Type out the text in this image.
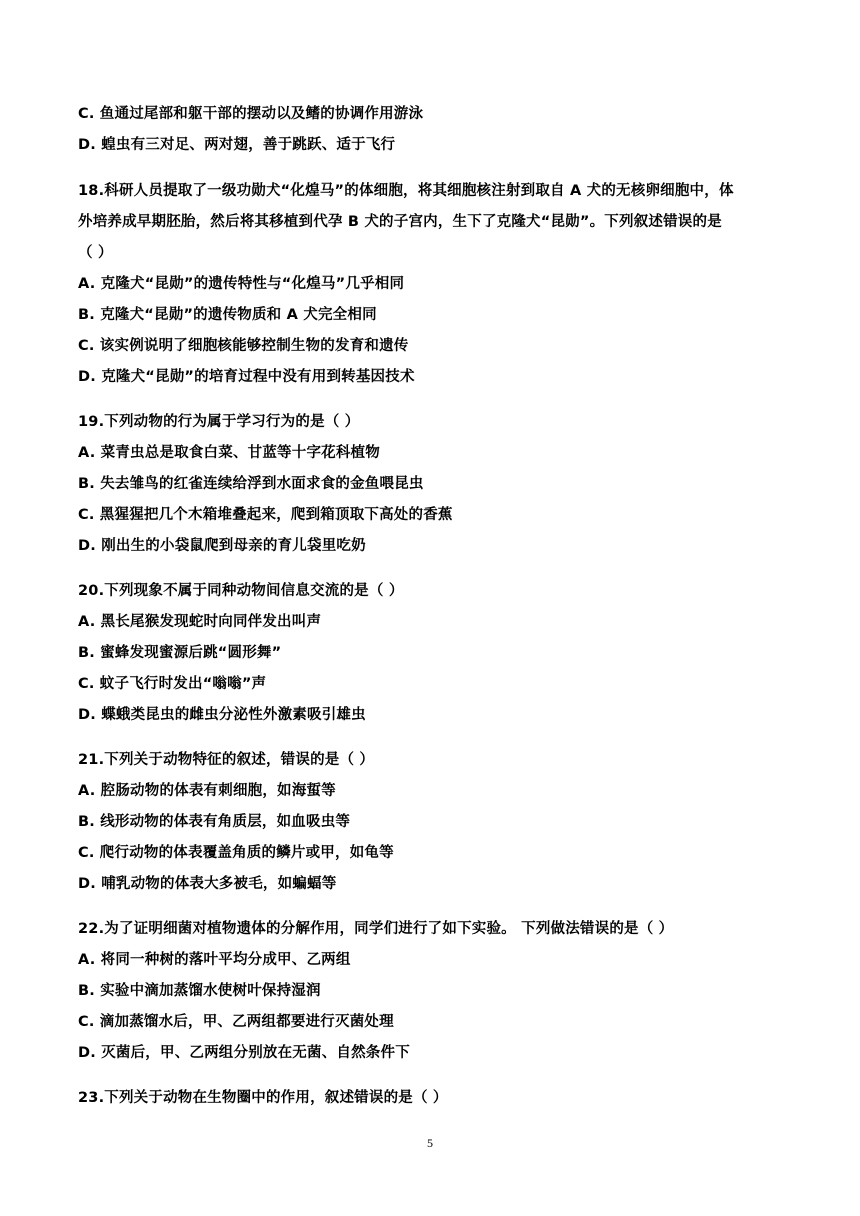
C. 鱼通过尾部和躯干部的摆动以及鳍的协调作用游泳
D. 蝗虫有三对足、两对翅，善于跳跃、适于飞行
18.科研人员提取了一级功勋犬“化煌马”的体细胞，将其细胞核注射到取自 A 犬的无核卵细胞中，体
外培养成早期胚胎，然后将其移植到代孕 B 犬的子宫内，生下了克隆犬“昆勋”。下列叙述错误的是
（ ）
A. 克隆犬“昆勋”的遗传特性与“化煌马”几乎相同
B. 克隆犬“昆勋”的遗传物质和 A 犬完全相同
C. 该实例说明了细胞核能够控制生物的发育和遗传
D. 克隆犬“昆勋”的培育过程中没有用到转基因技术
19.下列动物的行为属于学习行为的是（ ）
A. 菜青虫总是取食白菜、甘蓝等十字花科植物
B. 失去雏鸟的红雀连续给浮到水面求食的金鱼喂昆虫
C. 黑猩猩把几个木箱堆叠起来，爬到箱顶取下高处的香蕉
D. 刚出生的小袋鼠爬到母亲的育儿袋里吃奶
20.下列现象不属于同种动物间信息交流的是（ ）
A. 黑长尾猴发现蛇时向同伴发出叫声
B. 蜜蜂发现蜜源后跳“圆形舞”
C. 蚊子飞行时发出“嗡嗡”声
D. 蝶蛾类昆虫的雌虫分泌性外激素吸引雄虫
21.下列关于动物特征的叙述，错误的是（ ）
A. 腔肠动物的体表有刺细胞，如海蜇等
B. 线形动物的体表有角质层，如血吸虫等
C. 爬行动物的体表覆盖角质的鳞片或甲，如龟等
D. 哺乳动物的体表大多被毛，如蝙蝠等
22.为了证明细菌对植物遗体的分解作用，同学们进行了如下实验。 下列做法错误的是（ ）
A. 将同一种树的落叶平均分成甲、乙两组
B. 实验中滴加蒸馏水使树叶保持湿润
C. 滴加蒸馏水后，甲、乙两组都要进行灭菌处理
D. 灭菌后，甲、乙两组分别放在无菌、自然条件下
23.下列关于动物在生物圈中的作用，叙述错误的是（ ）
5
